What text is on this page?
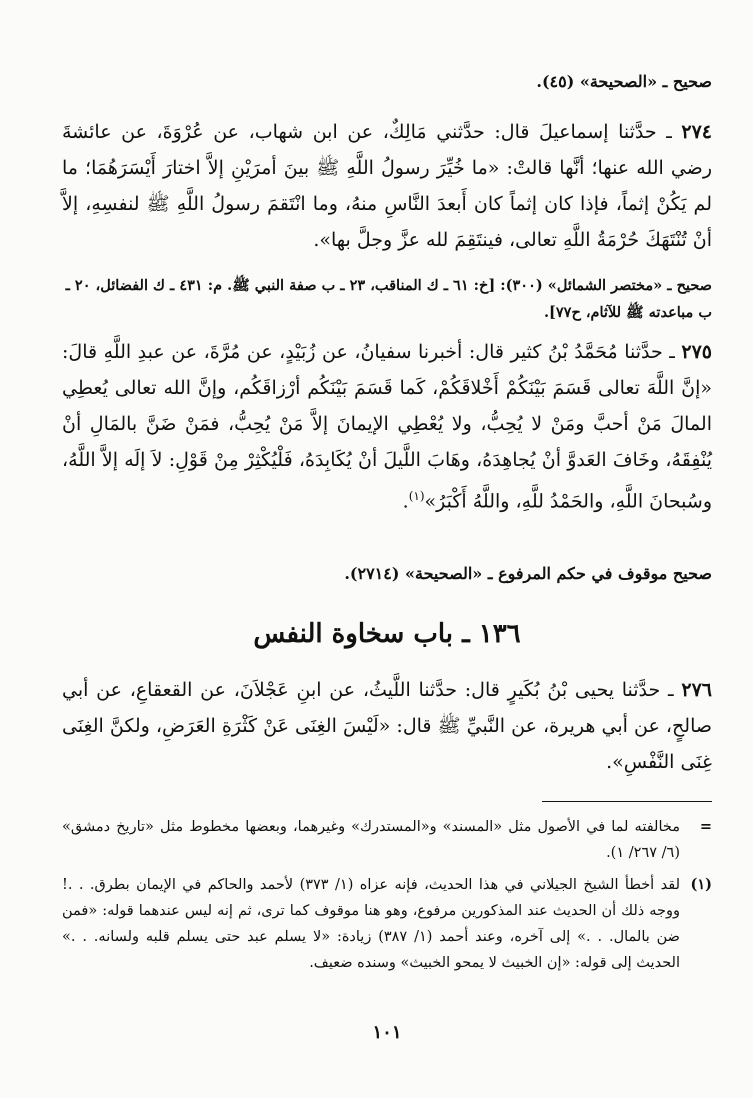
صحيح ـ «الصحيحة» (٤٥).

٢٧٤ ـ حدَّثنا إسماعيلَ قال: حدَّثني مَالِكٌ، عن ابن شهاب، عن عُرْوَةَ، عن عائشةَ رضي الله عنها؛ أنَّها قالتْ: «ما خُيِّرَ رسولُ اللَّهِ ﷺ بينَ أمرَيْنِ إلاَّ اختارَ أَيْسَرَهُمَا؛ ما لم يَكُنْ إثماً، فإذا كان إثماً كان أَبعدَ النَّاسِ منهُ، وما انْتَقمَ رسولُ اللَّهِ ﷺ لنفسِهِ، إلاَّ أنْ تُنْتَهَكَ حُرْمَةُ اللَّهِ تعالى، فينتَقِمَ لله عزَّ وجلَّ بها».

صحيح ـ «مختصر الشمائل» (٣٠٠): [خ: ٦١ ـ ك المناقب، ٢٣ ـ ب صفة النبي ﷺ. م: ٤٣١ ـ ك الفضائل، ٢٠ ـ ب مباعدته ﷺ للآثام، ح٧٧].

٢٧٥ ـ حدَّثنا مُحَمَّدُ بْنُ كثير قال: أخبرنا سفيانُ، عن زُبَيْدٍ، عن مُرَّةَ، عن عبدِ اللَّهِ قالَ: «إنَّ اللَّهَ تعالى قَسَمَ بَيْنَكُمْ أَخْلاقَكُمْ، كَما قَسَمَ بَيْنَكُم أرْزاقَكُم، وإنَّ الله تعالى يُعطِي المالَ مَنْ أحبَّ ومَنْ لا يُحِبُّ، ولا يُعْطِي الإيمانَ إلاَّ مَنْ يُحِبُّ، فمَنْ ضَنَّ بالمَالِ أنْ يُنْفِقَهُ، وخَافَ العَدوَّ أنْ يُجاهِدَهُ، وهَابَ اللَّيلَ أنْ يُكَابِدَهُ، فَلْيُكْثِرْ مِنْ قَوْلِ: لاَ إلَه إلاَّ اللَّهُ، وسُبحانَ اللَّهِ، والحَمْدُ للَّهِ، واللَّهُ أَكْبَرُ»$^{(١)}$.

صحيح موقوف في حكم المرفوع ـ «الصحيحة» (٢٧١٤).

١٣٦ ـ باب سخاوة النفس

٢٧٦ ـ حدَّثنا يحيى بْنُ بُكَيرٍ قال: حدَّثنا اللَّيثُ، عن ابنِ عَجْلاَنَ، عن القعقاعِ، عن أبي صالحٍ، عن أبي هريرة، عن النَّبيِّ ﷺ قال: «لَيْسَ الغِنَى عَنْ كَثْرَةِ العَرَضِ، ولكنَّ الغِنَى غِنَى النَّفْسِ».

=
مخالفته لما في الأصول مثل «المسند» و«المستدرك» وغيرهما، وبعضها مخطوط مثل «تاريخ دمشق» (٦/ ٢٦٧/ ١).
(١)
لقد أخطأ الشيخ الجيلاني في هذا الحديث، فإنه عزاه (١/ ٣٧٣) لأحمد والحاكم في الإيمان بطرق. . .! ووجه ذلك أن الحديث عند المذكورين مرفوع، وهو هنا موقوف كما ترى، ثم إنه ليس عندهما قوله: «فمن ضن بالمال. . .» إلى آخره، وعند أحمد (١/ ٣٨٧) زيادة: «لا يسلم عبد حتى يسلم قلبه ولسانه. . .» الحديث إلى قوله: «إن الخبيث لا يمحو الخبيث» وسنده ضعيف.

١٠١
